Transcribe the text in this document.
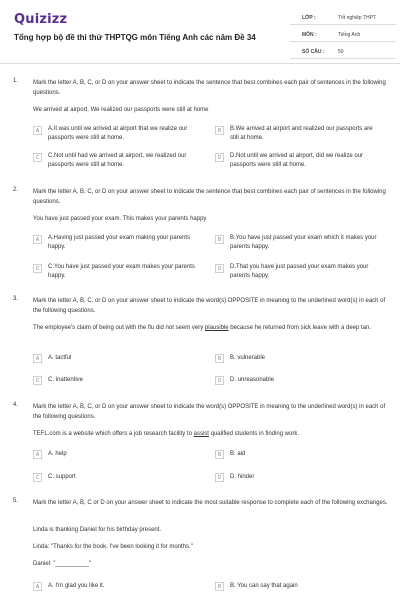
Quizizz
Tổng hợp bộ đề thi thử THPTQG môn Tiếng Anh các năm Đề 34
LỚP :	Tốt nghiệp THPT
MÔN :	Tiếng Anh
SỐ CÂU :	50
1. Mark the letter A, B, C, or D on your answer sheet to indicate the sentence that best combines each pair of sentences in the following questions.
We arrived at airport. We realized our passports were still at home
A	A.It was until we arrived at airport that we realize our passports were still at home.
B	B.We arrived at airport and realized our passports are still at home.
C	C.Not until had we arrived at airport, we realized our passports were still at home.
D	D.Not until we arrived at airport, did we realize our passports were still at home.
2. Mark the letter A, B, C, or D on your answer sheet to indicate the sentence that best combines each pair of sentences in the following questions.
You have just passed your exam. This makes your parents happy
A	A.Having just passed your exam making your parents happy.
B	B.You have just passed your exam which it makes your parents happy.
C	C.You have just passed your exam makes your parents happy.
D	D.That you have just passed your exam makes your parents happy.
3. Mark the letter A, B, C, or D on your answer sheet to indicate the word(s) OPPOSITE in meaning to the underlined word(s) in each of the following questions.
The employee's claim of being out with the flu did not seem very plausible because he returned from sick leave with a deep tan.
A	A. tactful	B	B. vulnerable
C	C. inattentive	D	D. unreasonable
4. Mark the letter A, B, C, or D on your answer sheet to indicate the word(s) OPPOSITE in meaning to the underlined word(s) in each of the following questions.
TEFL.com is a website which offers a job research facility to assist qualified students in finding work.
A	A. help	B	B. aid
C	C. support	D	D. hinder
5. Mark the letter A, B, C or D on your answer sheet to indicate the most suitable response to complete each of the following exchanges.
Linda is thanking Daniel for his birthday present.
Linda: "Thanks for the book. I've been looking it for months."
Daniel: "__________"
A	A. I'm glad you like it.	B	B. You can say that again
